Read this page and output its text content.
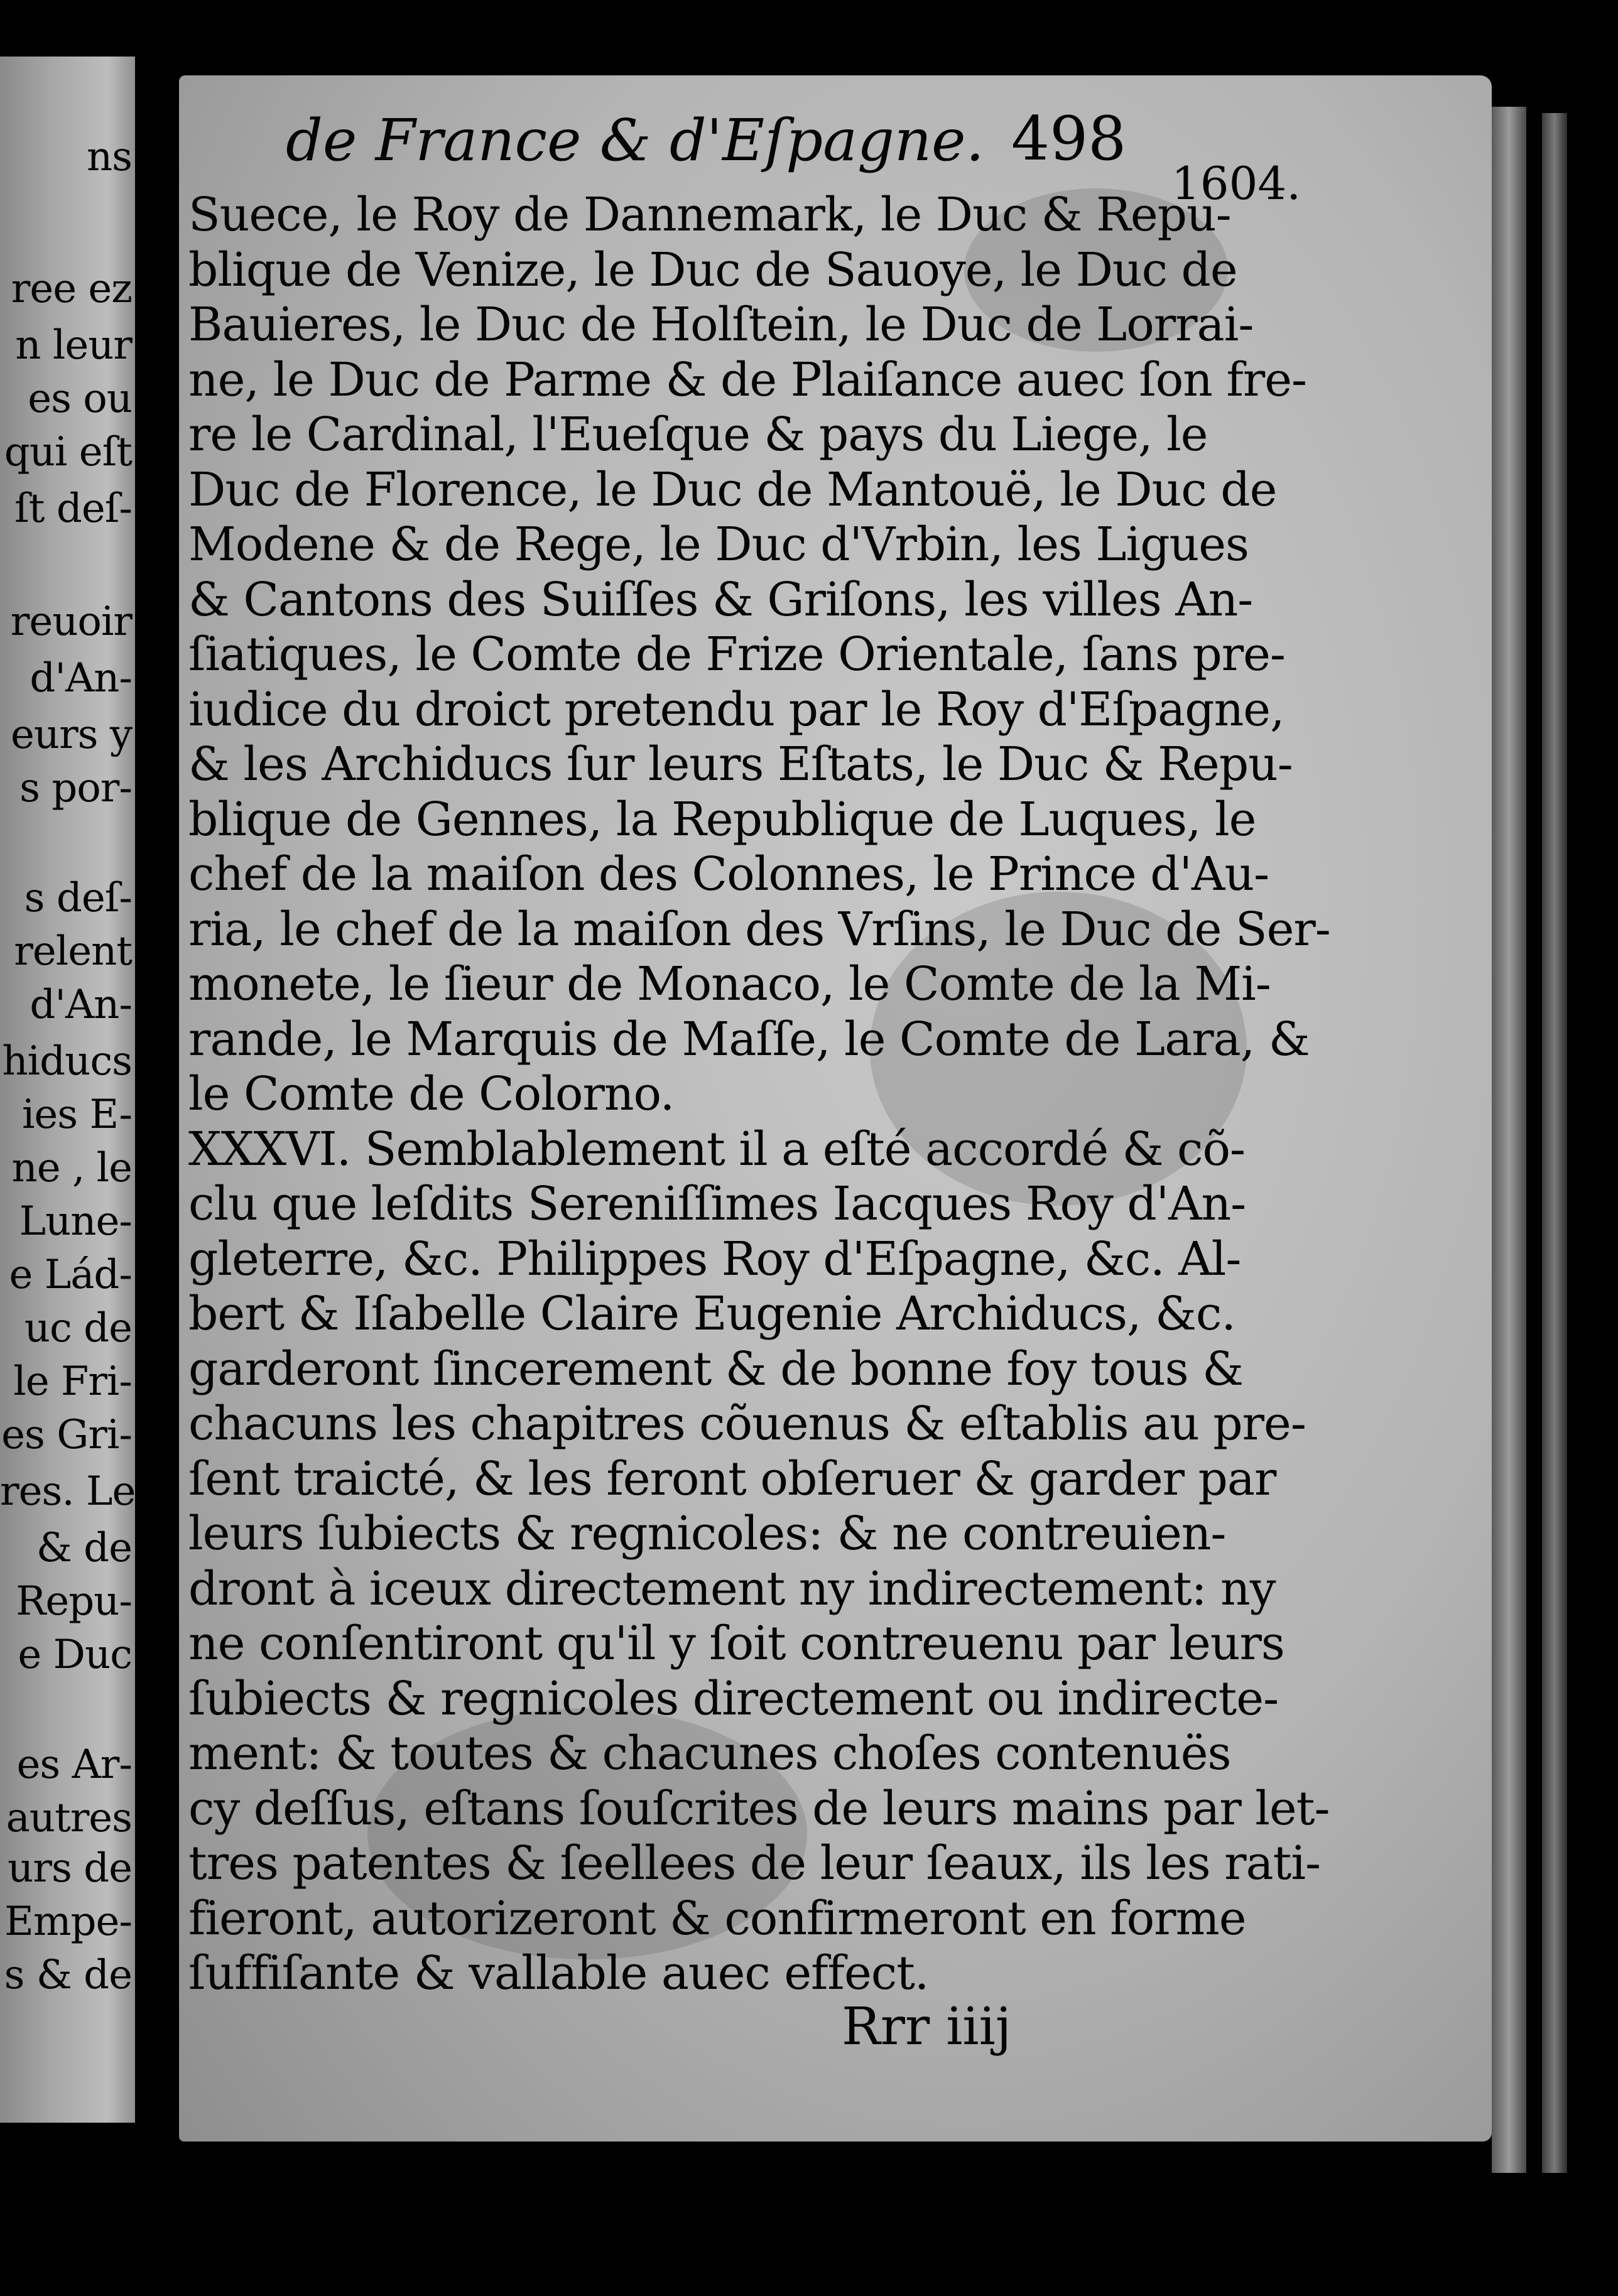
ns
ree ez
n leur
es ou
qui eſt
ſt deſ-
reuoir
d'An-
eurs y
s por-
s deſ-
relent
d'An-
hiducs
ies E-
ne , le
Lune-
e Lád-
uc de
le Fri-
es Gri-
res. Le
& de
Repu-
e Duc
es Ar-
autres
urs de
Empe-
s & de
de France & d'Eſpagne. 498
1604.
Suece, le Roy de Dannemark, le Duc & Repu-
blique de Venize, le Duc de Sauoye, le Duc de
Bauieres, le Duc de Holſtein, le Duc de Lorrai-
ne, le Duc de Parme & de Plaiſance auec ſon fre-
re le Cardinal, l'Eueſque & pays du Liege, le
Duc de Florence, le Duc de Mantouë, le Duc de
Modene & de Rege, le Duc d'Vrbin, les Ligues
& Cantons des Suiſſes & Griſons, les villes An-
ſiatiques, le Comte de Frize Orientale, ſans pre-
iudice du droict pretendu par le Roy d'Eſpagne,
& les Archiducs ſur leurs Eſtats, le Duc & Repu-
blique de Gennes, la Republique de Luques, le
chef de la maiſon des Colonnes, le Prince d'Au-
ria, le chef de la maiſon des Vrſins, le Duc de Ser-
monete, le ſieur de Monaco, le Comte de la Mi-
rande, le Marquis de Maſſe, le Comte de Lara, &
le Comte de Colorno.
XXXVI. Semblablement il a eſté accordé & cõ-
clu que leſdits Sereniſſimes Iacques Roy d'An-
gleterre, &c. Philippes Roy d'Eſpagne, &c. Al-
bert & Iſabelle Claire Eugenie Archiducs, &c.
garderont ſincerement & de bonne foy tous &
chacuns les chapitres cõuenus & eſtablis au pre-
ſent traicté, & les feront obſeruer & garder par
leurs ſubiects & regnicoles: & ne contreuien-
dront à iceux directement ny indirectement: ny
ne conſentiront qu'il y ſoit contreuenu par leurs
ſubiects & regnicoles directement ou indirecte-
ment: & toutes & chacunes choſes contenuës
cy deſſus, eſtans ſouſcrites de leurs mains par let-
tres patentes & ſeellees de leur ſeaux, ils les rati-
fieront, autorizeront & confirmeront en forme
ſuffiſante & vallable auec effect.
Rrr iiij
